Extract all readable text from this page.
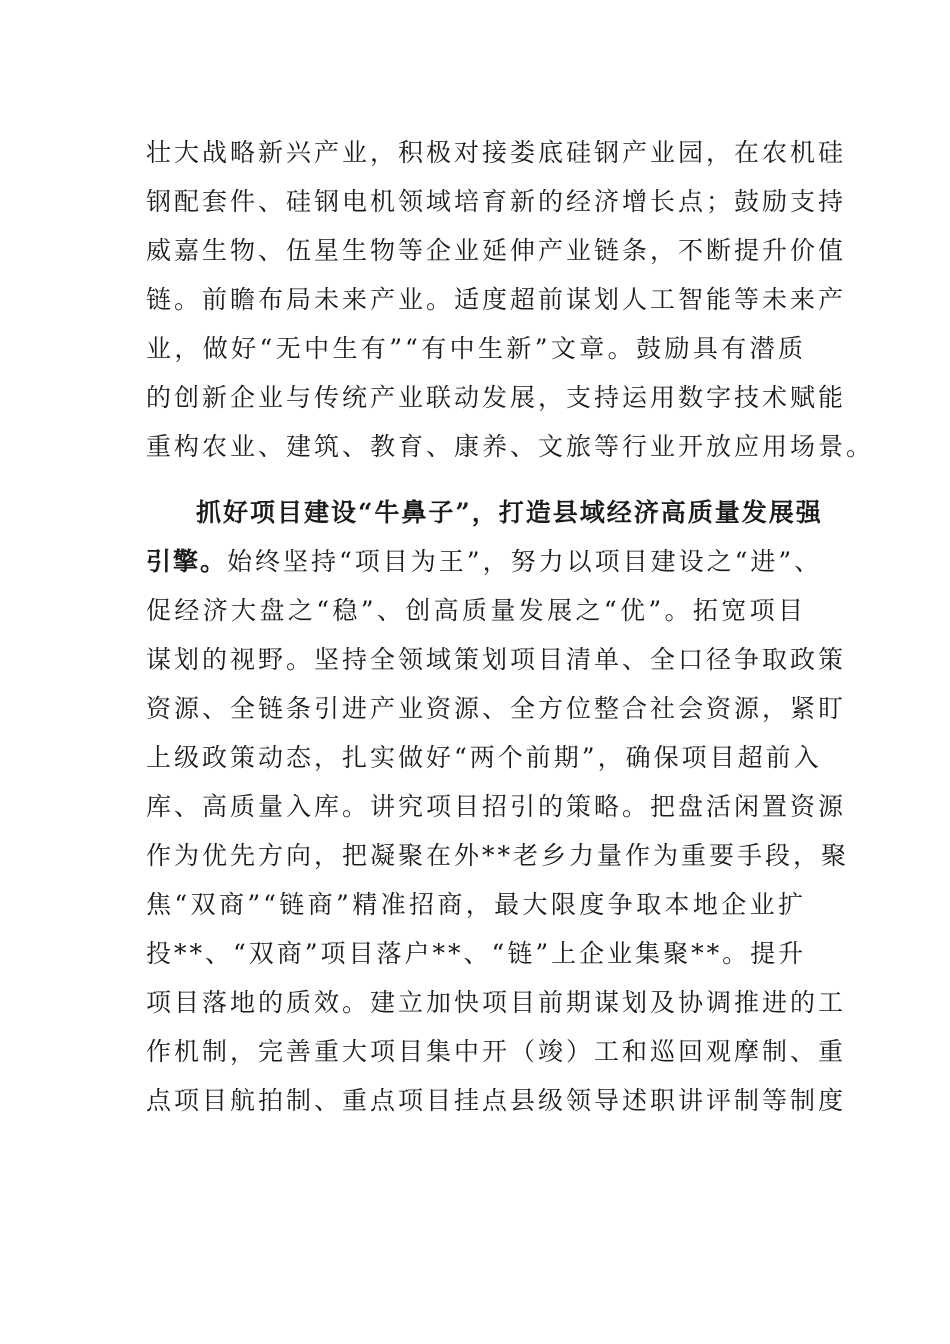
壮大战略新兴产业，积极对接娄底硅钢产业园，在农机硅
钢配套件、硅钢电机领域培育新的经济增长点；鼓励支持
威嘉生物、伍星生物等企业延伸产业链条，不断提升价值
链。前瞻布局未来产业。适度超前谋划人工智能等未来产
业，做好“无中生有”“有中生新”文章。鼓励具有潜质
的创新企业与传统产业联动发展，支持运用数字技术赋能
重构农业、建筑、教育、康养、文旅等行业开放应用场景。
抓好项目建设“牛鼻子”，打造县域经济高质量发展强
引擎。始终坚持“项目为王”，努力以项目建设之“进”、
促经济大盘之“稳”、创高质量发展之“优”。拓宽项目
谋划的视野。坚持全领域策划项目清单、全口径争取政策
资源、全链条引进产业资源、全方位整合社会资源，紧盯
上级政策动态，扎实做好“两个前期”，确保项目超前入
库、高质量入库。讲究项目招引的策略。把盘活闲置资源
作为优先方向，把凝聚在外**老乡力量作为重要手段，聚
焦“双商”“链商”精准招商，最大限度争取本地企业扩
投**、“双商”项目落户**、“链”上企业集聚**。提升
项目落地的质效。建立加快项目前期谋划及协调推进的工
作机制，完善重大项目集中开（竣）工和巡回观摩制、重
点项目航拍制、重点项目挂点县级领导述职讲评制等制度
